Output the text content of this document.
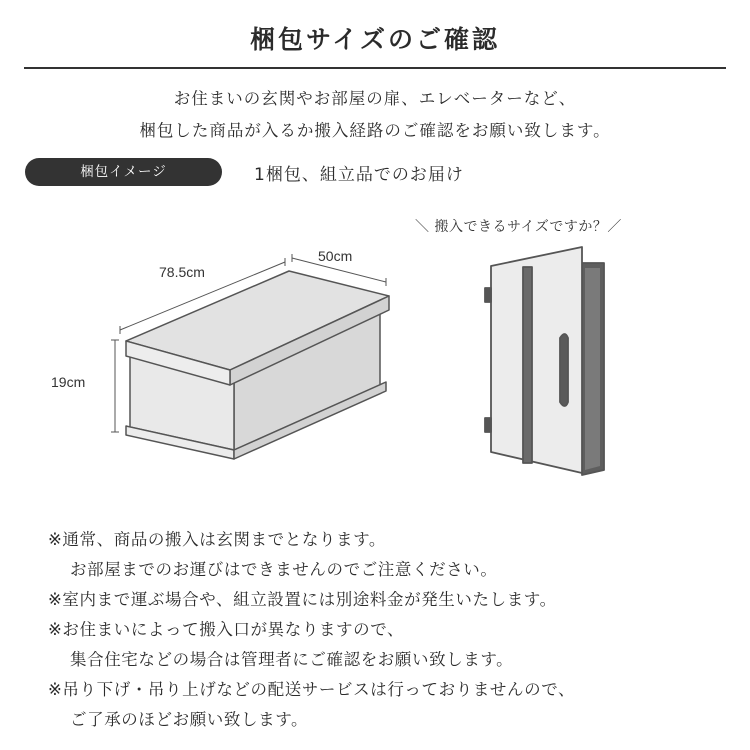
梱包サイズのご確認
お住まいの玄関やお部屋の扉、エレベーターなど、
梱包した商品が入るか搬入経路のご確認をお願い致します。
梱包イメージ	1梱包、組立品でのお届け
78.5cm
50cm
19cm
＼ 搬入できるサイズですか？／
※通常、商品の搬入は玄関までとなります。
お部屋までのお運びはできませんのでご注意ください。
※室内まで運ぶ場合や、組立設置には別途料金が発生いたします。
※お住まいによって搬入口が異なりますので、
集合住宅などの場合は管理者にご確認をお願い致します。
※吊り下げ・吊り上げなどの配送サービスは行っておりませんので、
ご了承のほどお願い致します。
